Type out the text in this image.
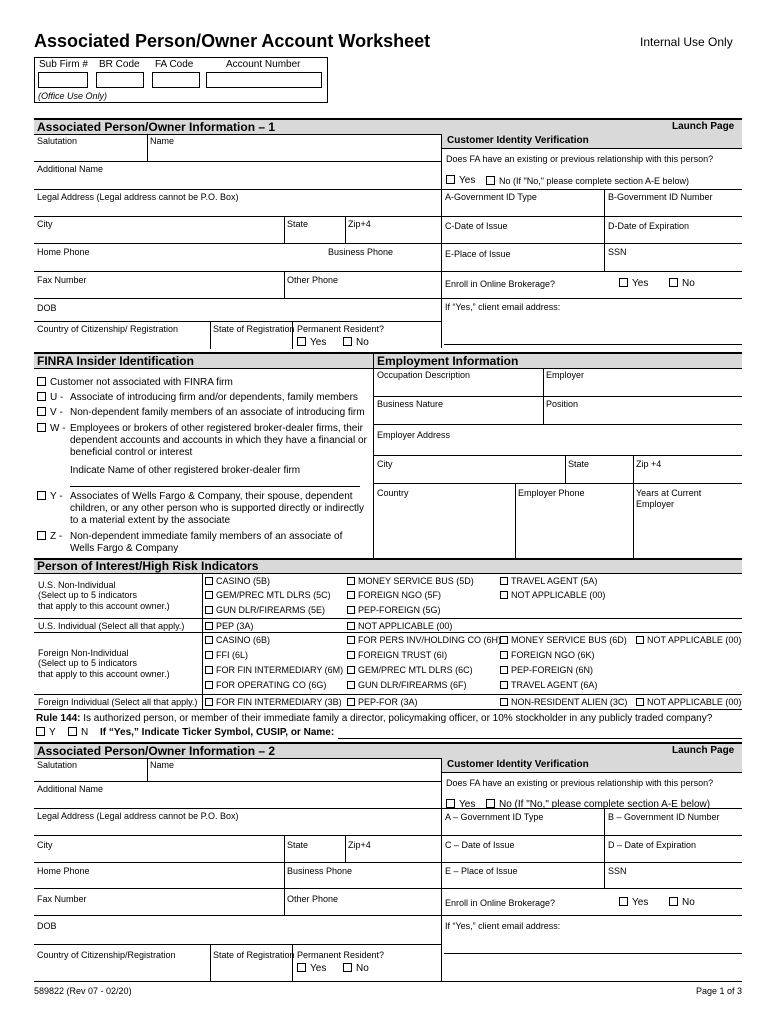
Associated Person/Owner Account Worksheet	Internal Use Only
Sub Firm # BR Code FA Code	Account Number
(Office Use Only)
Associated Person/Owner Information – 1	Launch Page
Customer Identity Verification
Salutation	Name
Additional Name
Legal Address (Legal address cannot be P.O. Box)
City	State	Zip+4
Home Phone	Business Phone
Fax Number	Other Phone
DOB
Country of Citizenship/ Registration	State of Registration Permanent Resident?
Yes	No
Does FA have an existing or previous relationship with this person?
Yes	No (If "No," please complete section A-E below)
A-Government ID Type	B-Government ID Number
C-Date of Issue	D-Date of Expiration
E-Place of Issue	SSN
Enroll in Online Brokerage?	Yes	No
If “Yes,” client email address:
FINRA Insider Identification	Employment Information
Customer not associated with FINRA firm
U - Associate of introducing firm and/or dependents, family members
V - Non-dependent family members of an associate of introducing firm
W - Employees or brokers of other registered broker-dealer firms, their
dependent accounts and accounts in which they have a financial or
beneficial control or interest
Indicate Name of other registered broker-dealer firm
Y - Associates of Wells Fargo & Company, their spouse, dependent
children, or any other person who is supported directly or indirectly
to a material extent by the associate
Z - Non-dependent immediate family members of an associate of
Wells Fargo & Company
Occupation Description	Employer
Business Nature	Position
Employer Address
City	State	Zip +4
Country	Employer Phone	Years at Current
Employer
Person of Interest/High Risk Indicators
U.S. Non-Individual
(Select up to 5 indicators
that apply to this account owner.)
CASINO (5B)	MONEY SERVICE BUS (5D)	TRAVEL AGENT (5A)
GEM/PREC MTL DLRS (5C)	FOREIGN NGO (5F)	NOT APPLICABLE (00)
GUN DLR/FIREARMS (5E)	PEP-FOREIGN (5G)
U.S. Individual (Select all that apply.)	PEP (3A)	NOT APPLICABLE (00)
Foreign Non-Individual
(Select up to 5 indicators
that apply to this account owner.)
CASINO (6B)	FOR PERS INV/HOLDING CO (6H)	MONEY SERVICE BUS (6D)	NOT APPLICABLE (00)
FFI (6L)	FOREIGN TRUST (6I)	FOREIGN NGO (6K)
FOR FIN INTERMEDIARY (6M)	GEM/PREC MTL DLRS (6C)	PEP-FOREIGN (6N)
FOR OPERATING CO (6G)	GUN DLR/FIREARMS (6F)	TRAVEL AGENT (6A)
Foreign Individual (Select all that apply.)	FOR FIN INTERMEDIARY (3B)	PEP-FOR (3A)	NON-RESIDENT ALIEN (3C)	NOT APPLICABLE (00)
Rule 144: Is authorized person, or member of their immediate family a director, policymaking officer, or 10% stockholder in any publicly traded company?
Y	N If “Yes,” Indicate Ticker Symbol, CUSIP, or Name:
Associated Person/Owner Information – 2	Launch Page
Customer Identity Verification
Salutation	Name
Additional Name
Legal Address (Legal address cannot be P.O. Box)
City	State	Zip+4
Home Phone	Business Phone
Fax Number	Other Phone
DOB
Country of Citizenship/Registration	State of Registration Permanent Resident?
Yes	No
Does FA have an existing or previous relationship with this person?
Yes	No (If "No," please complete section A-E below)
A – Government ID Type	B – Government ID Number
C – Date of Issue	D – Date of Expiration
E – Place of Issue	SSN
Enroll in Online Brokerage?	Yes	No
If “Yes,” client email address:
589822 (Rev 07 - 02/20)	Page 1 of 3
